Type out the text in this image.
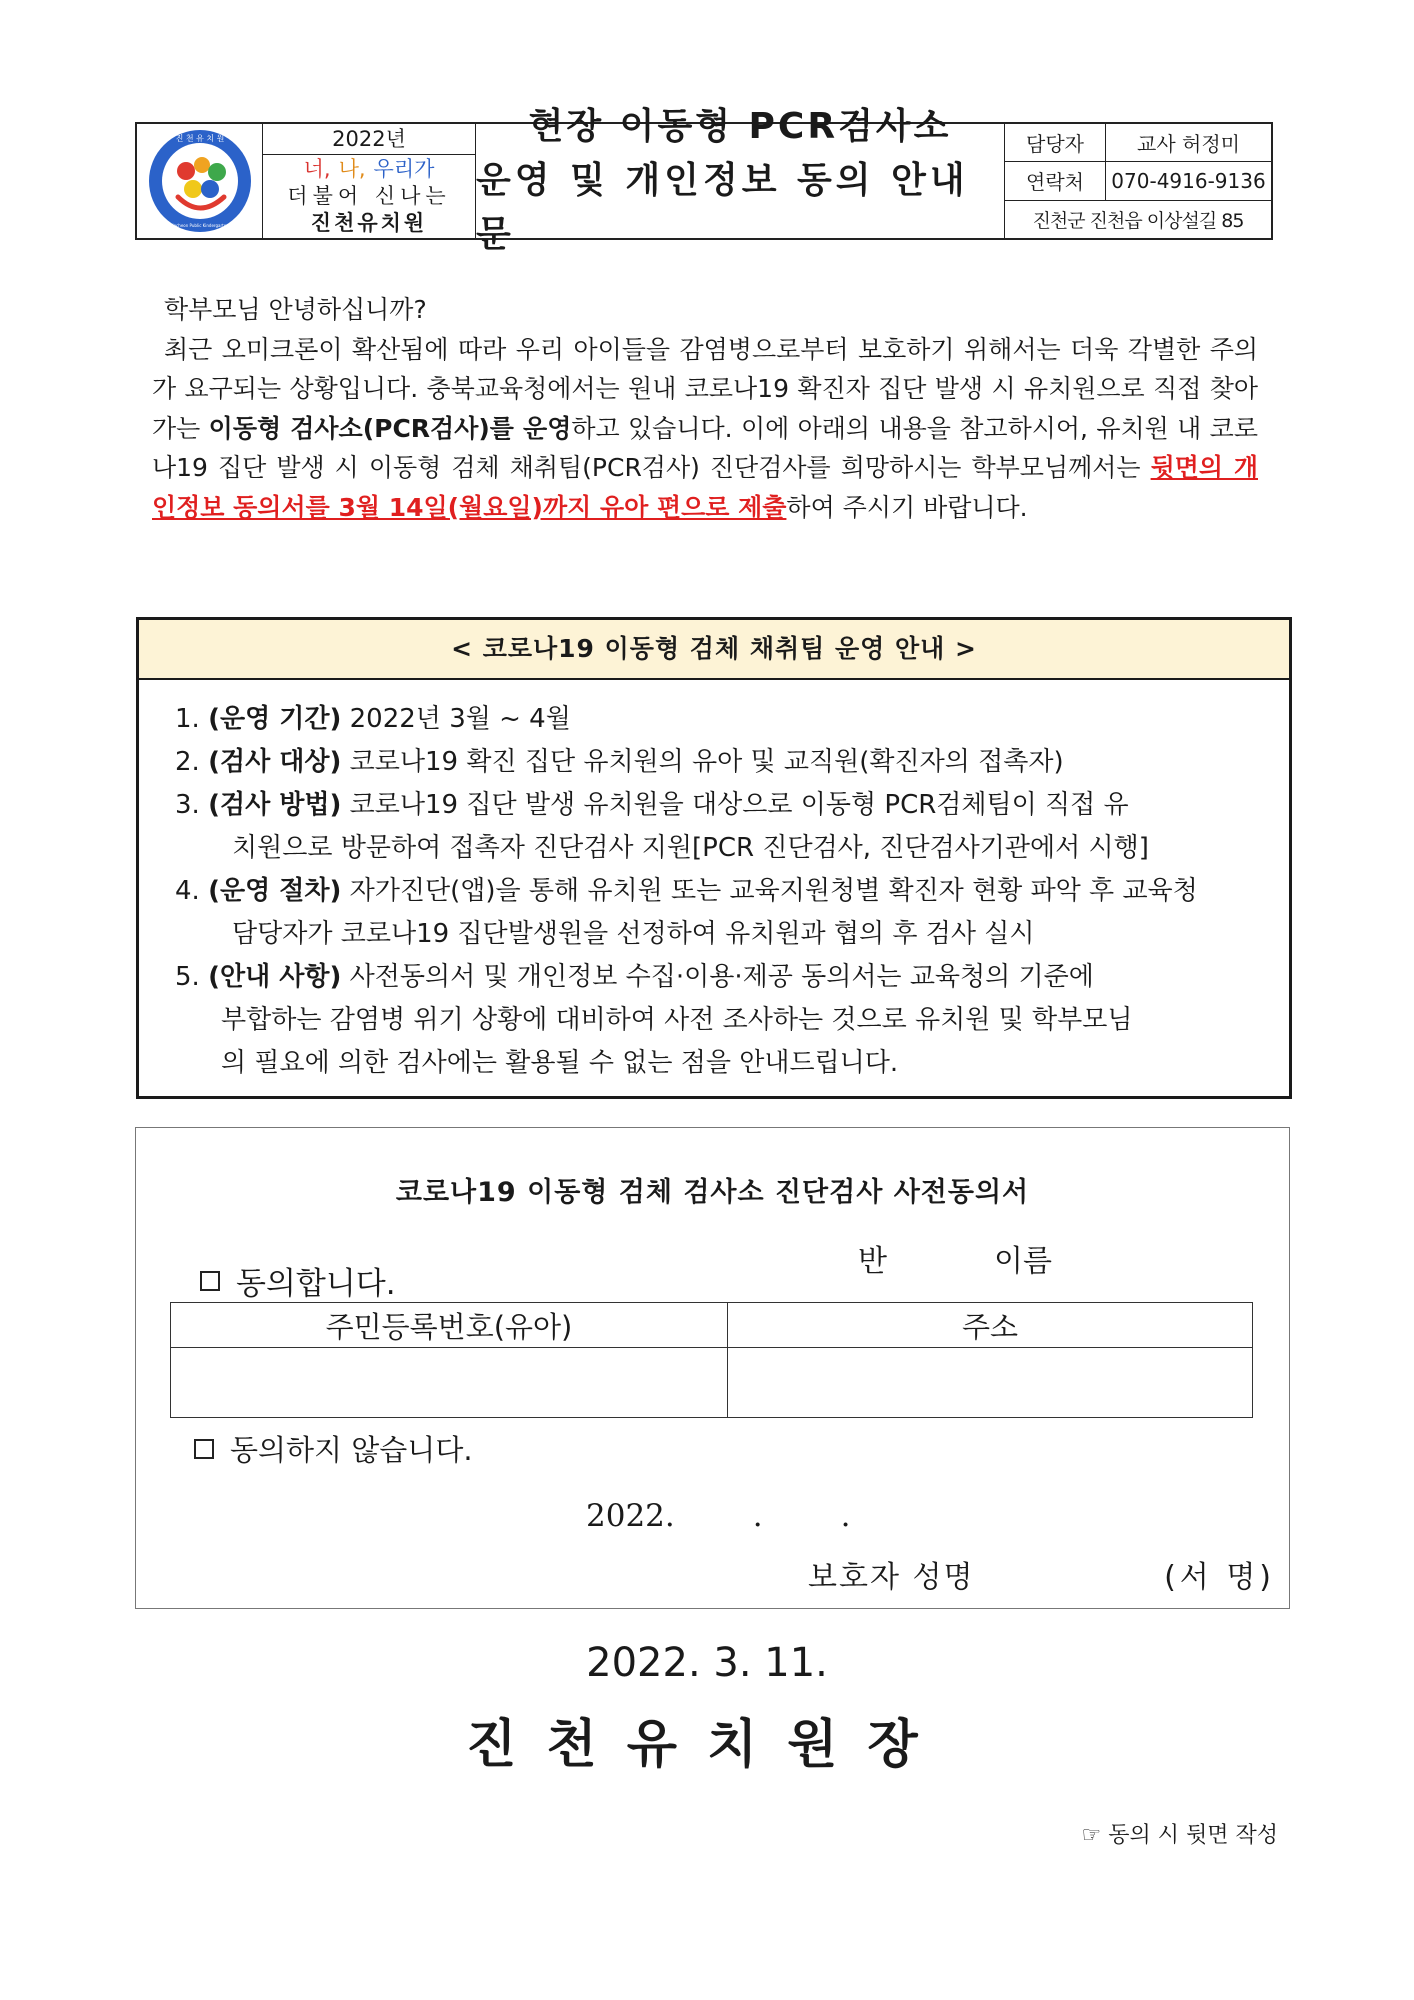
진 천 유 치 원
Jincheon Public Kindergarten
2022년
너, 나, 우리가
더불어 신나는
진천유치원
현장 이동형 PCR검사소
운영 및 개인정보 동의 안내문
담당자	교사 허정미
연락처	070-4916-9136
진천군 진천읍 이상설길 85
학부모님 안녕하십니까?
최근 오미크론이 확산됨에 따라 우리 아이들을 감염병으로부터 보호하기 위해서는 더욱 각별한 주의가 요구되는 상황입니다. 충북교육청에서는 원내 코로나19 확진자 집단 발생 시 유치원으로 직접 찾아가는 이동형 검사소(PCR검사)를 운영하고 있습니다. 이에 아래의 내용을 참고하시어, 유치원 내 코로나19 집단 발생 시 이동형 검체 채취팀(PCR검사) 진단검사를 희망하시는 학부모님께서는 뒷면의 개인정보 동의서를 3월 14일(월요일)까지 유아 편으로 제출하여 주시기 바랍니다.
< 코로나19 이동형 검체 채취팀 운영 안내 >
1. (운영 기간) 2022년 3월 ~ 4월
2. (검사 대상) 코로나19 확진 집단 유치원의 유아 및 교직원(확진자의 접촉자)
3. (검사 방법) 코로나19 집단 발생 유치원을 대상으로 이동형 PCR검체팀이 직접 유
치원으로 방문하여 접촉자 진단검사 지원[PCR 진단검사, 진단검사기관에서 시행]
4. (운영 절차) 자가진단(앱)을 통해 유치원 또는 교육지원청별 확진자 현황 파악 후 교육청
담당자가 코로나19 집단발생원을 선정하여 유치원과 협의 후 검사 실시
5. (안내 사항) 사전동의서 및 개인정보 수집·이용·제공 동의서는 교육청의 기준에
부합하는 감염병 위기 상황에 대비하여 사전 조사하는 것으로 유치원 및 학부모님
의 필요에 의한 검사에는 활용될 수 없는 점을 안내드립니다.
코로나19 이동형 검체 검사소 진단검사 사전동의서
반	이름
동의합니다.
주민등록번호(유아)	주소
동의하지 않습니다.
2022.	.	.
보호자 성명	(서 명)
2022. 3. 11.
진천유치원장
☞ 동의 시 뒷면 작성
